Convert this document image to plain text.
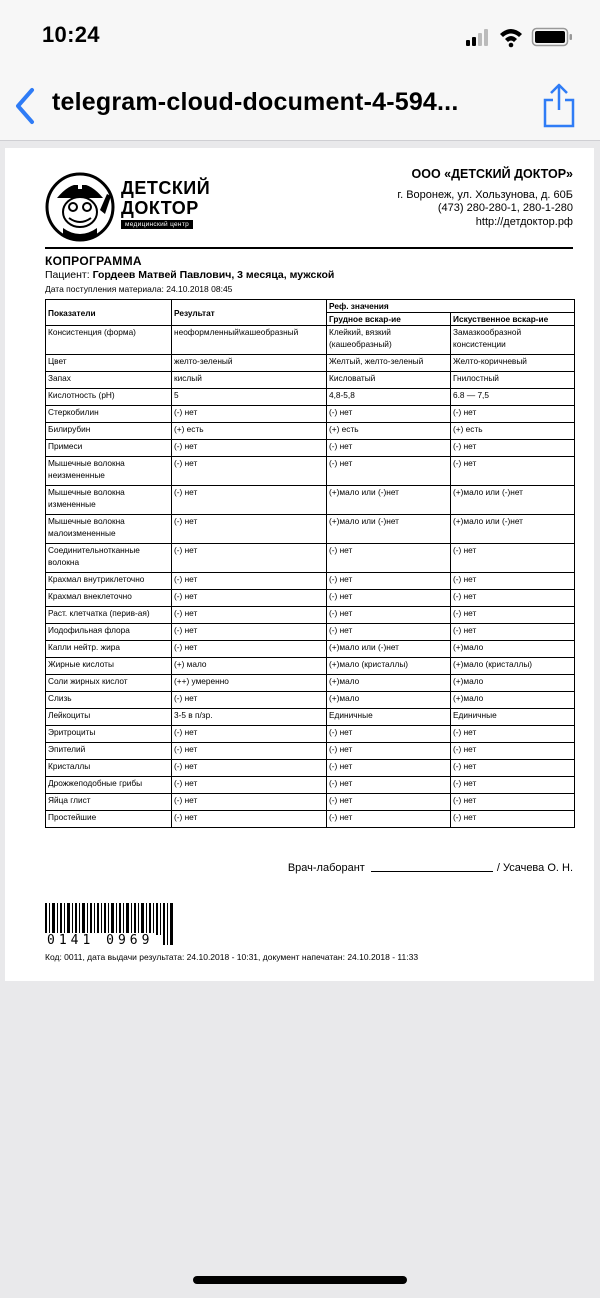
10:24
telegram-cloud-document-4-594...
ДЕТСКИЙ
ДОКТОР
медицинский центр
ООО «ДЕТСКИЙ ДОКТОР»
г. Воронеж, ул. Хользунова, д. 60Б
(473) 280-280-1, 280-1-280
http://детдоктор.рф
КОПРОГРАММА
Пациент: Гордеев Матвей Павлович, 3 месяца, мужской
Дата поступления материала: 24.10.2018 08:45
Показатели	Результат	Реф. значения	
		Грудное вскар-ие	Искуственное вскар-ие
Консистенция (форма)	неоформленный\кашеобразный	Клейкий, вязкий (кашеобразный)	Замазкообразной консистенции
Цвет	желто-зеленый	Желтый, желто-зеленый	Желто-коричневый
Запах	кислый	Кисловатый	Гнилостный
Кислотность (pH)	5	4,8-5,8	6.8 — 7,5
Стеркобилин	(-) нет	(-) нет	(-) нет
Билирубин	(+) есть	(+) есть	(+) есть
Примеси	(-) нет	(-) нет	(-) нет
Мышечные волокна неизмененные	(-) нет	(-) нет	(-) нет
Мышечные волокна измененные	(-) нет	(+)мало или (-)нет	(+)мало или (-)нет
Мышечные волокна малоизмененные	(-) нет	(+)мало или (-)нет	(+)мало или (-)нет
Соединительнотканные волокна	(-) нет	(-) нет	(-) нет
Крахмал внутриклеточно	(-) нет	(-) нет	(-) нет
Крахмал внеклеточно	(-) нет	(-) нет	(-) нет
Раст. клетчатка (перив-ая)	(-) нет	(-) нет	(-) нет
Иодофильная флора	(-) нет	(-) нет	(-) нет
Капли нейтр. жира	(-) нет	(+)мало или (-)нет	(+)мало
Жирные кислоты	(+) мало	(+)мало (кристаллы)	(+)мало (кристаллы)
Соли жирных кислот	(++) умеренно	(+)мало	(+)мало
Слизь	(-) нет	(+)мало	(+)мало
Лейкоциты	3-5 в п/зр.	Единичные	Единичные
Эритроциты	(-) нет	(-) нет	(-) нет
Эпителий	(-) нет	(-) нет	(-) нет
Кристаллы	(-) нет	(-) нет	(-) нет
Дрожжеподобные грибы	(-) нет	(-) нет	(-) нет
Яйца глист	(-) нет	(-) нет	(-) нет
Простейшие	(-) нет	(-) нет	(-) нет
Врач-лаборант	/ Усачева О. Н.
0141 0969
Код: 0011, дата выдачи результата: 24.10.2018 - 10:31, документ напечатан: 24.10.2018 - 11:33
